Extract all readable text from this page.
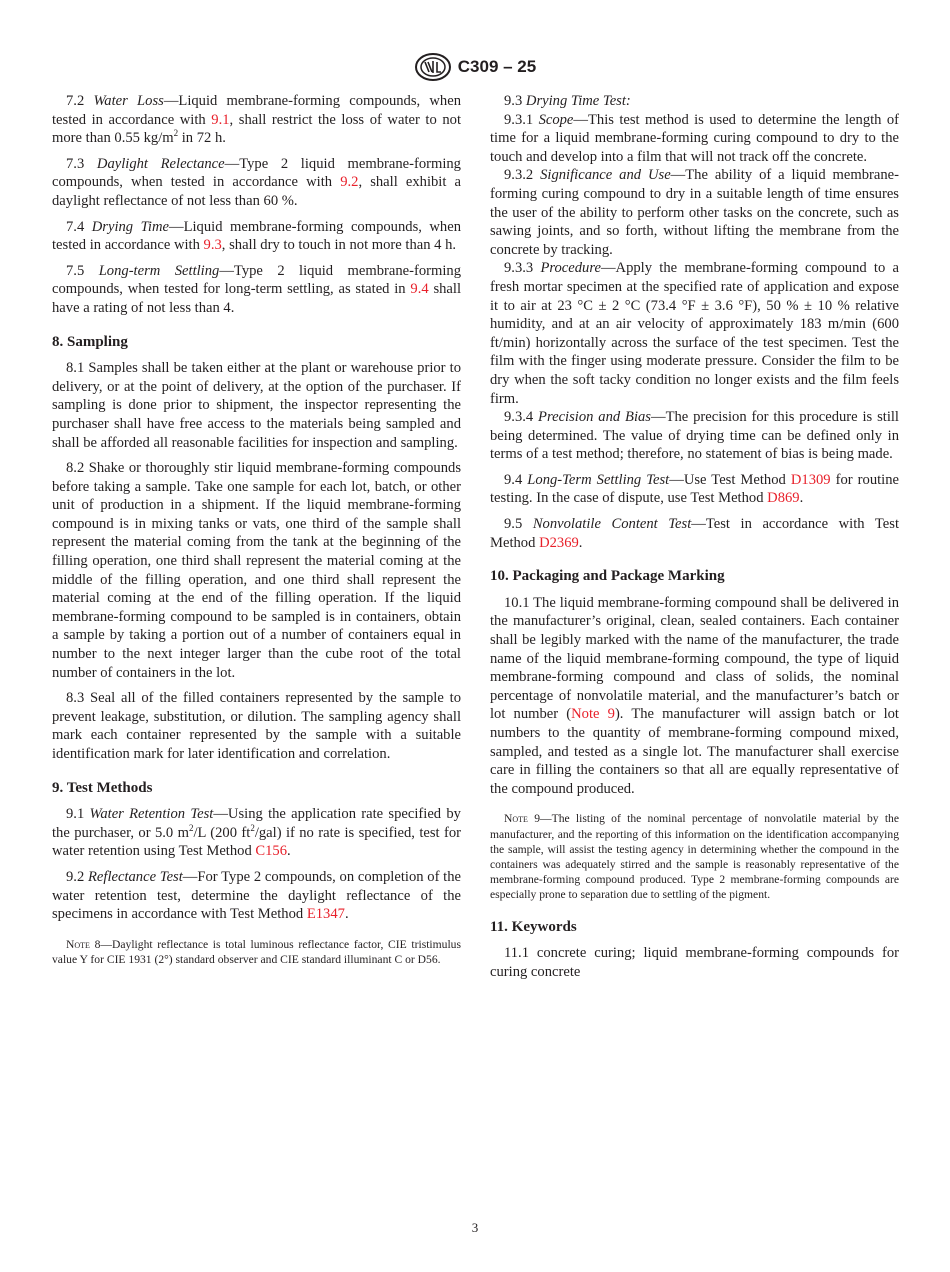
C309 – 25

7.2 Water Loss—Liquid membrane-forming compounds, when tested in accordance with 9.1, shall restrict the loss of water to not more than 0.55 $kg/m^2$ in 72 h.

7.3 Daylight Relectance—Type 2 liquid membrane-forming compounds, when tested in accordance with 9.2, shall exhibit a daylight reflectance of not less than 60 %.

7.4 Drying Time—Liquid membrane-forming compounds, when tested in accordance with 9.3, shall dry to touch in not more than 4 h.

7.5 Long-term Settling—Type 2 liquid membrane-forming compounds, when tested for long-term settling, as stated in 9.4 shall have a rating of not less than 4.

8. Sampling

8.1 Samples shall be taken either at the plant or warehouse prior to delivery, or at the point of delivery, at the option of the purchaser. If sampling is done prior to shipment, the inspector representing the purchaser shall have free access to the materials being sampled and shall be afforded all reasonable facilities for inspection and sampling.

8.2 Shake or thoroughly stir liquid membrane-forming compounds before taking a sample. Take one sample for each lot, batch, or other unit of production in a shipment. If the liquid membrane-forming compound is in mixing tanks or vats, one third of the sample shall represent the material coming from the tank at the beginning of the filling operation, one third shall represent the material coming at the middle of the filling operation, and one third shall represent the material coming at the end of the filling operation. If the liquid membrane-forming compound to be sampled is in containers, obtain a sample by taking a portion out of a number of containers equal in number to the next integer larger than the cube root of the total number of containers in the lot.

8.3 Seal all of the filled containers represented by the sample to prevent leakage, substitution, or dilution. The sampling agency shall mark each container represented by the sample with a suitable identification mark for later identification and correlation.

9. Test Methods

9.1 Water Retention Test—Using the application rate specified by the purchaser, or 5.0 $m^2/L$ (200 $ft^2/gal$) if no rate is specified, test for water retention using Test Method C156.

9.2 Reflectance Test—For Type 2 compounds, on completion of the water retention test, determine the daylight reflectance of the specimens in accordance with Test Method E1347.

Note 8—Daylight reflectance is total luminous reflectance factor, CIE tristimulus value Y for CIE 1931 (2°) standard observer and CIE standard illuminant C or D56.

9.3 Drying Time Test:

9.3.1 Scope—This test method is used to determine the length of time for a liquid membrane-forming curing compound to dry to the touch and develop into a film that will not track off the concrete.

9.3.2 Significance and Use—The ability of a liquid membrane-forming curing compound to dry in a suitable length of time ensures the user of the ability to perform other tasks on the concrete, such as sawing joints, and so forth, without lifting the membrane from the concrete by tracking.

9.3.3 Procedure—Apply the membrane-forming compound to a fresh mortar specimen at the specified rate of application and expose it to air at 23 °C ± 2 °C (73.4 °F ± 3.6 °F), 50 % ± 10 % relative humidity, and at an air velocity of approximately 183 m/min (600 ft/min) horizontally across the surface of the test specimen. Test the film with the finger using moderate pressure. Consider the film to be dry when the soft tacky condition no longer exists and the film feels firm.

9.3.4 Precision and Bias—The precision for this procedure is still being determined. The value of drying time can be defined only in terms of a test method; therefore, no statement of bias is being made.

9.4 Long-Term Settling Test—Use Test Method D1309 for routine testing. In the case of dispute, use Test Method D869.

9.5 Nonvolatile Content Test—Test in accordance with Test Method D2369.

10. Packaging and Package Marking

10.1 The liquid membrane-forming compound shall be delivered in the manufacturer’s original, clean, sealed containers. Each container shall be legibly marked with the name of the manufacturer, the trade name of the liquid membrane-forming compound, the type of liquid membrane-forming compound and class of solids, the nominal percentage of nonvolatile material, and the manufacturer’s batch or lot number (Note 9). The manufacturer will assign batch or lot numbers to the quantity of membrane-forming compound mixed, sampled, and tested as a single lot. The manufacturer shall exercise care in filling the containers so that all are equally representative of the compound produced.

Note 9—The listing of the nominal percentage of nonvolatile material by the manufacturer, and the reporting of this information on the identification accompanying the sample, will assist the testing agency in determining whether the compound in the containers was adequately stirred and the sample is reasonably representative of the membrane-forming compound produced. Type 2 membrane-forming compounds are especially prone to separation due to settling of the pigment.
11. Keywords

11.1 concrete curing; liquid membrane-forming compounds for curing concrete

3
